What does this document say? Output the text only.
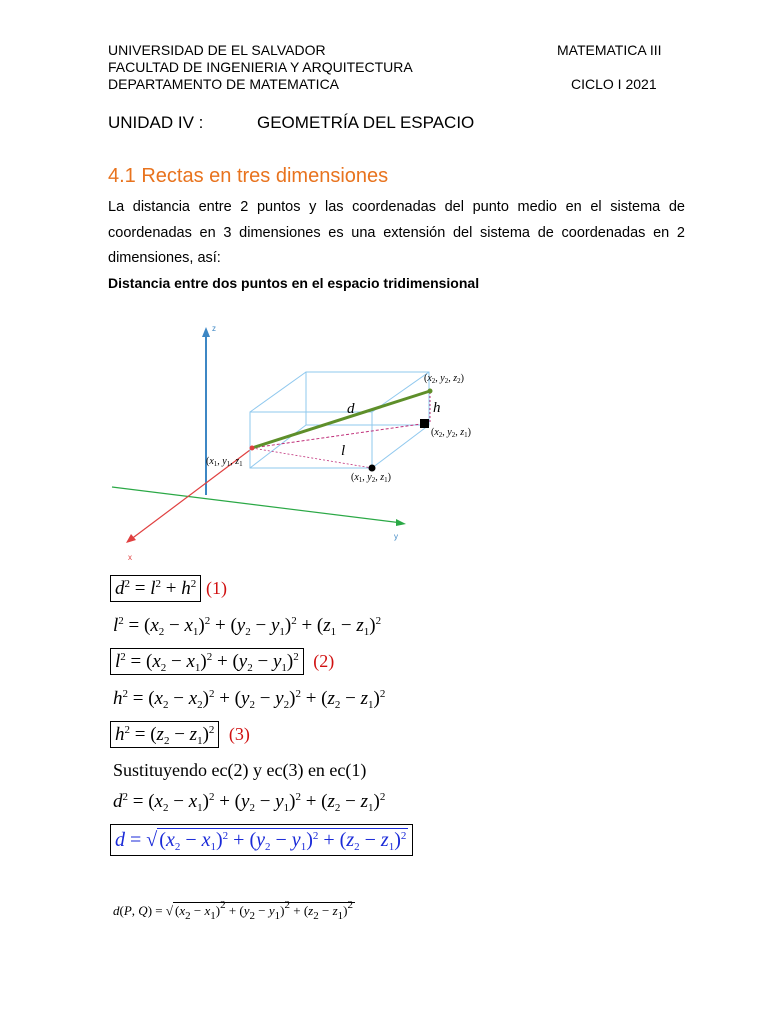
UNIVERSIDAD DE EL SALVADOR
FACULTAD DE INGENIERIA Y ARQUITECTURA
DEPARTAMENTO DE MATEMATICA
MATEMATICA III
CICLO I 2021
UNIDAD IV :	GEOMETRÍA DEL ESPACIO
4.1 Rectas en tres dimensiones
La distancia entre 2 puntos y las coordenadas del punto medio en el sistema de coordenadas en 3 dimensiones es una extensión del sistema de coordenadas en 2 dimensiones, así:
Distancia entre dos puntos en el espacio tridimensional
z
y
x
d	h
l
($x_2$, $y_2$, $z_2$)
($x_2$, $y_2$, $z_1$)
($x_1$, $y_1$, $z_1$
($x_1$, $y_2$, $z_1$)
$d^2 = l^2 + h^2$ (1)
$l^2 = (x_2 - x_1)^2 + (y_2 - y_1)^2 + (z_1 - z_1)^2$
$l^2 = (x_2 - x_1)^2 + (y_2 - y_1)^2$ (2)
$h^2 = (x_2 - x_2)^2 + (y_2 - y_2)^2 + (z_2 - z_1)^2$
$h^2 = (z_2 - z_1)^2$ (3)
Sustituyendo ec(2) y ec(3) en ec(1)
$d^2 = (x_2 - x_1)^2 + (y_2 - y_1)^2 + (z_2 - z_1)^2$
d = √ $(x_2 - x_1)^2 + (y_2 - y_1)^2 + (z_2 - z_1)^2$
d(P, Q) = √ $(x_2 - x_1)^2 + (y_2 - y_1)^2 + (z_2 - z_1)^2$
